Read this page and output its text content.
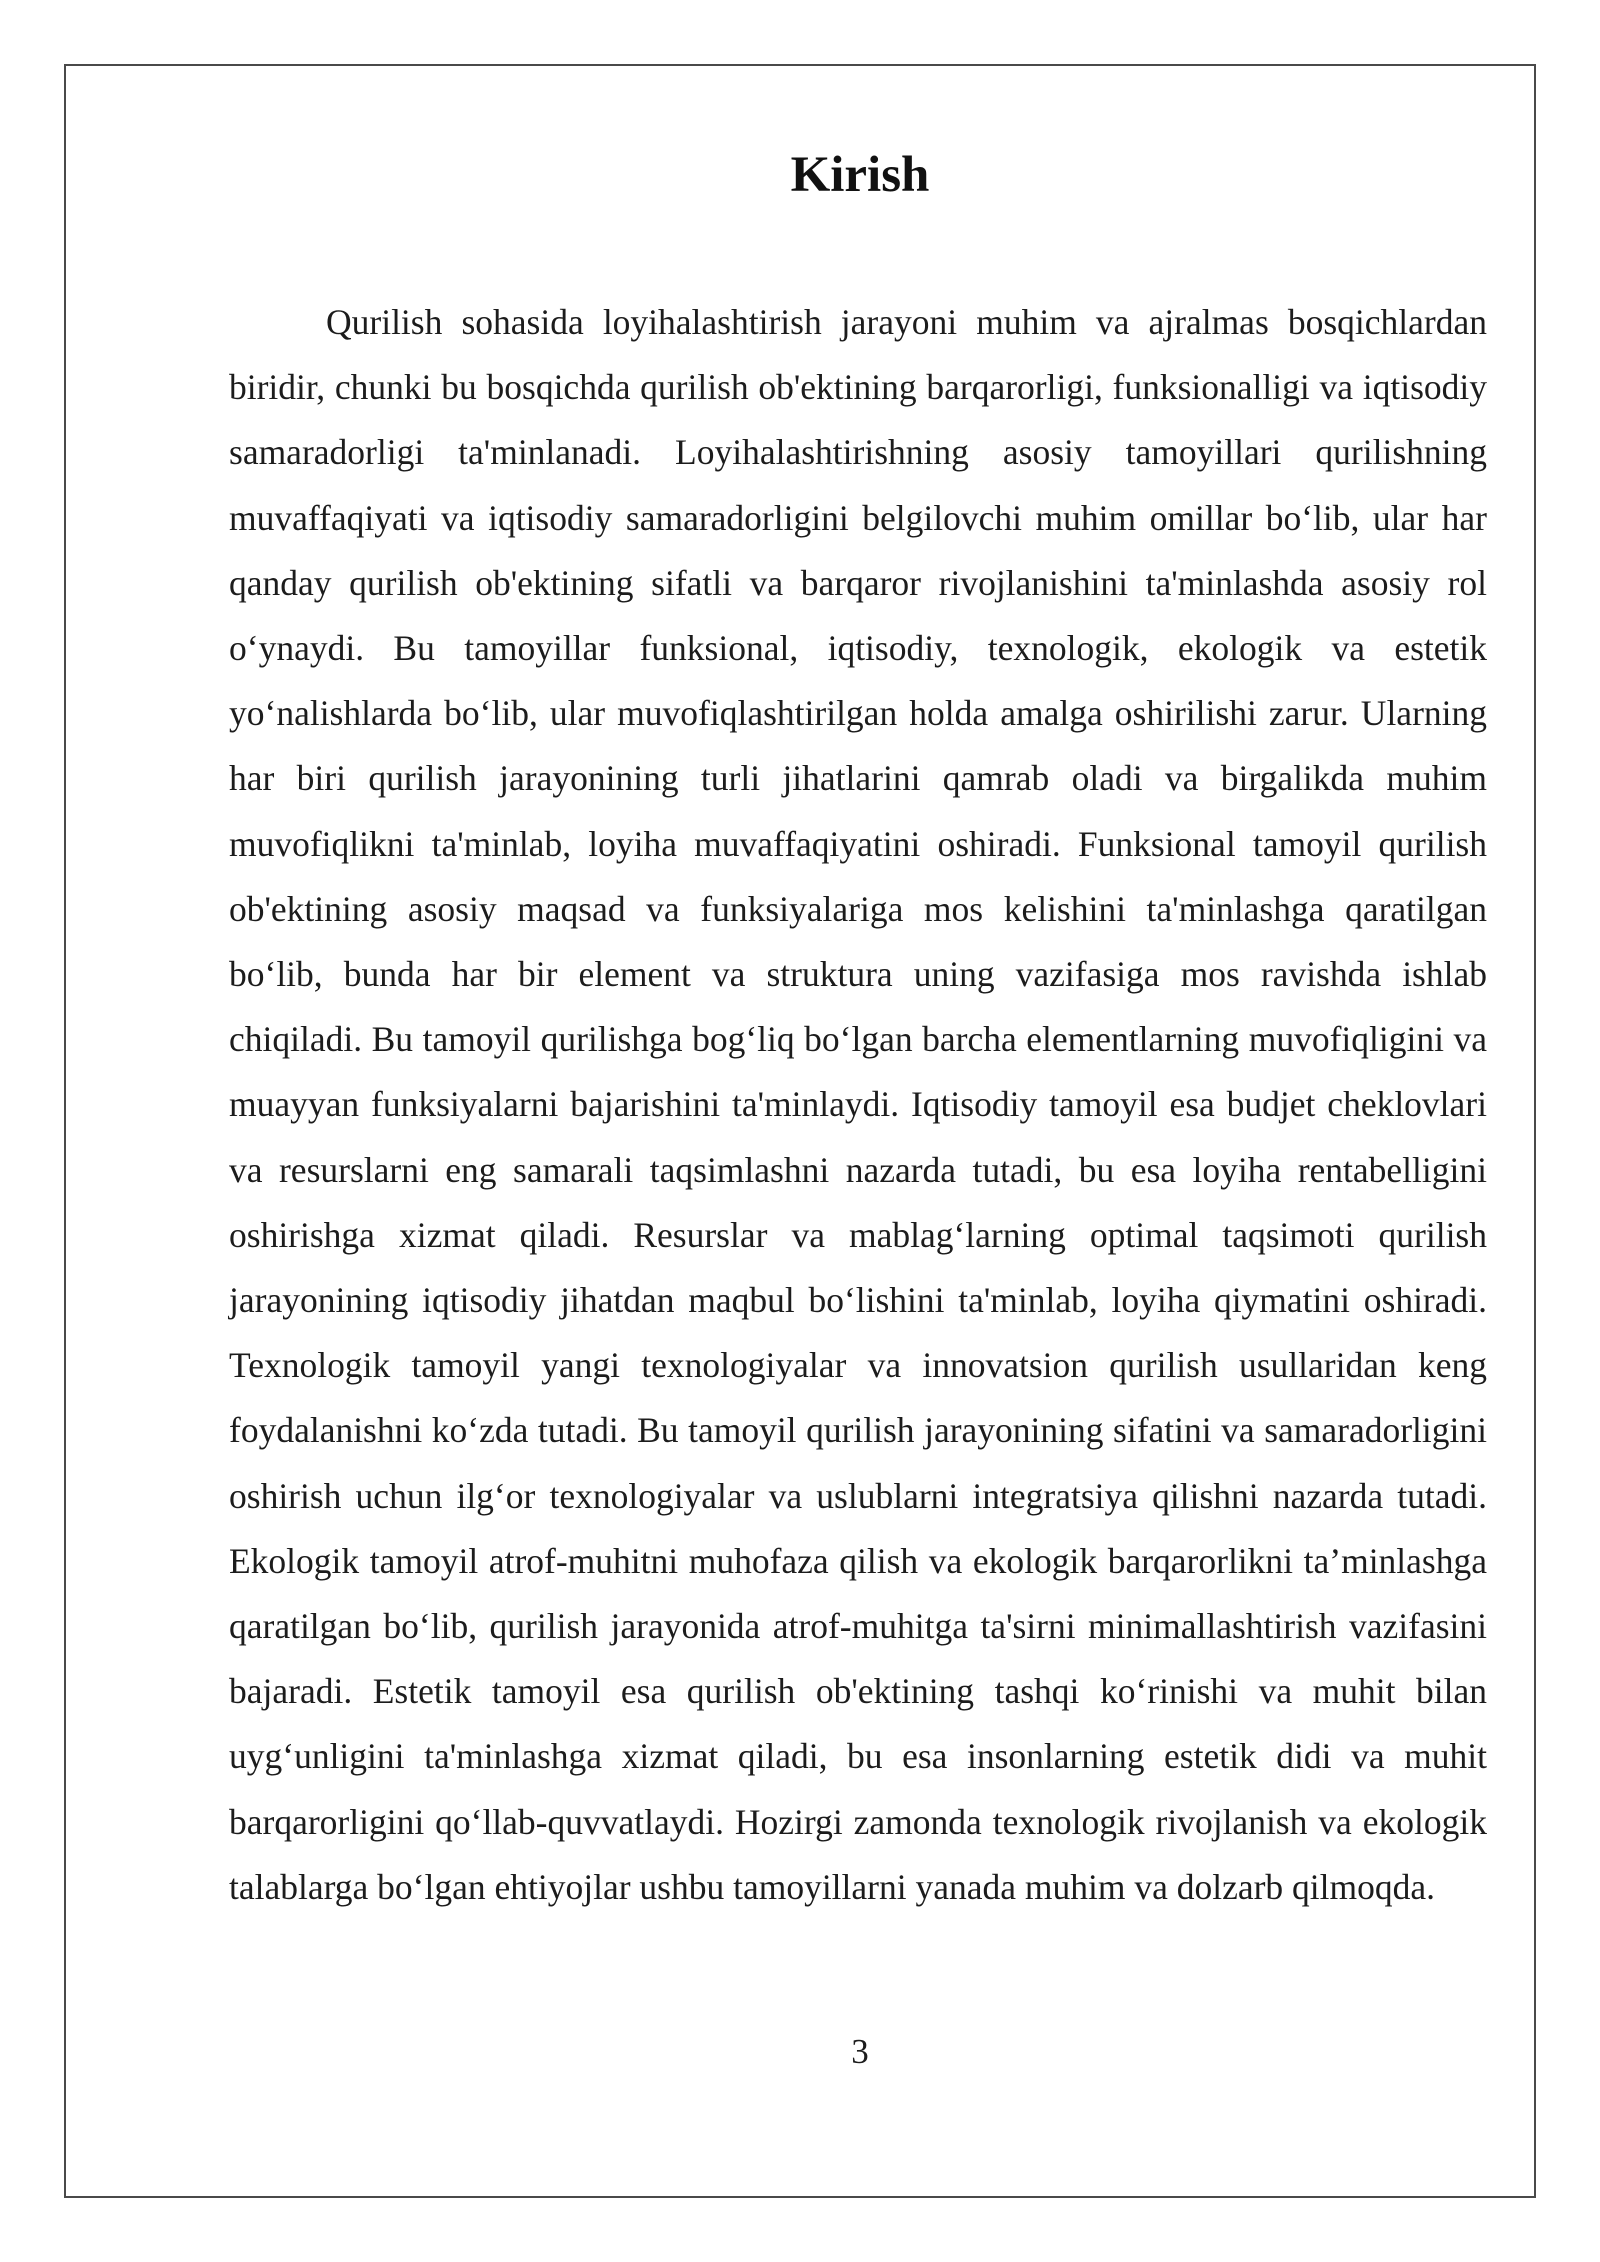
Kirish

Qurilish sohasida loyihalashtirish jarayoni muhim va ajralmas bosqichlardan biridir, chunki bu bosqichda qurilish ob'ektining barqarorligi, funksionalligi va iqtisodiy samaradorligi ta'minlanadi. Loyihalashtirishning asosiy tamoyillari qurilishning muvaffaqiyati va iqtisodiy samaradorligini belgilovchi muhim omillar bo‘lib, ular har qanday qurilish ob'ektining sifatli va barqaror rivojlanishini ta'minlashda asosiy rol o‘ynaydi. Bu tamoyillar funksional, iqtisodiy, texnologik, ekologik va estetik yo‘nalishlarda bo‘lib, ular muvofiqlashtirilgan holda amalga oshirilishi zarur. Ularning har biri qurilish jarayonining turli jihatlarini qamrab oladi va birgalikda muhim muvofiqlikni ta'minlab, loyiha muvaffaqiyatini oshiradi. Funksional tamoyil qurilish ob'ektining asosiy maqsad va funksiyalariga mos kelishini ta'minlashga qaratilgan bo‘lib, bunda har bir element va struktura uning vazifasiga mos ravishda ishlab chiqiladi. Bu tamoyil qurilishga bog‘liq bo‘lgan barcha elementlarning muvofiqligini va muayyan funksiyalarni bajarishini ta'minlaydi. Iqtisodiy tamoyil esa budjet cheklovlari va resurslarni eng samarali taqsimlashni nazarda tutadi, bu esa loyiha rentabelligini oshirishga xizmat qiladi. Resurslar va mablag‘larning optimal taqsimoti qurilish jarayonining iqtisodiy jihatdan maqbul bo‘lishini ta'minlab, loyiha qiymatini oshiradi. Texnologik tamoyil yangi texnologiyalar va innovatsion qurilish usullaridan keng foydalanishni ko‘zda tutadi. Bu tamoyil qurilish jarayonining sifatini va samaradorligini oshirish uchun ilg‘or texnologiyalar va uslublarni integratsiya qilishni nazarda tutadi. Ekologik tamoyil atrof-muhitni muhofaza qilish va ekologik barqarorlikni ta’minlashga qaratilgan bo‘lib, qurilish jarayonida atrof-muhitga ta'sirni minimallashtirish vazifasini bajaradi. Estetik tamoyil esa qurilish ob'ektining tashqi ko‘rinishi va muhit bilan uyg‘unligini ta'minlashga xizmat qiladi, bu esa insonlarning estetik didi va muhit barqarorligini qo‘llab-quvvatlaydi. Hozirgi zamonda texnologik rivojlanish va ekologik talablarga bo‘lgan ehtiyojlar ushbu tamoyillarni yanada muhim va dolzarb qilmoqda.

3
